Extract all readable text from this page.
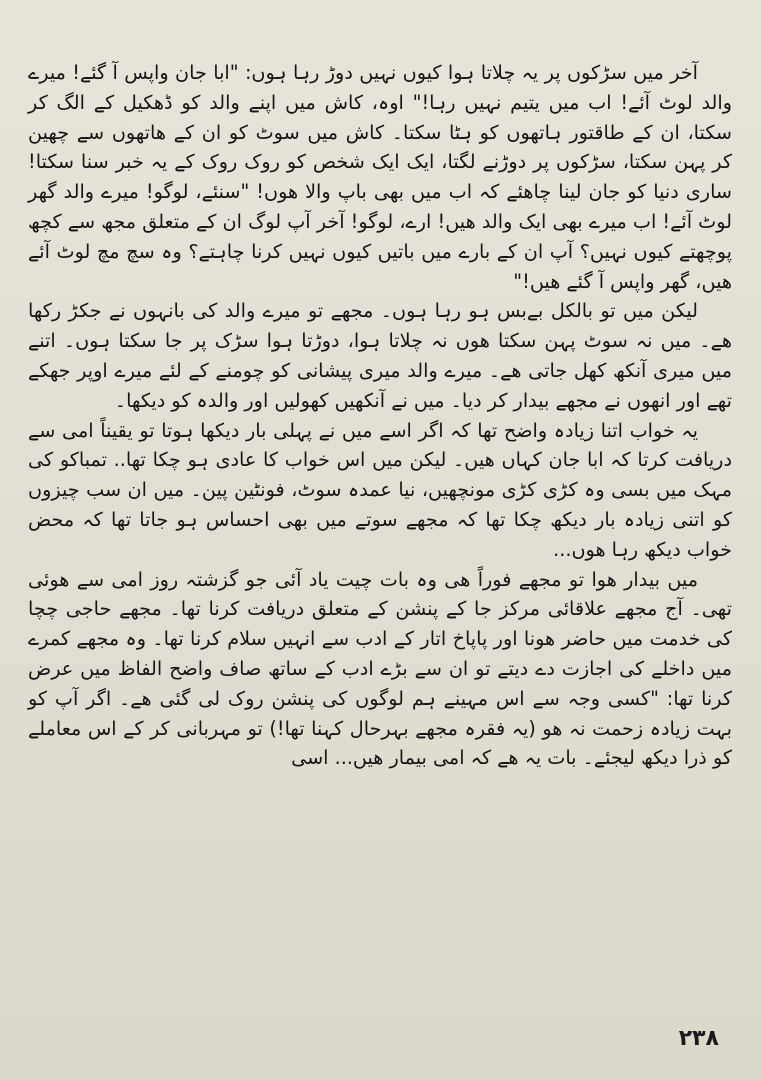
آخر میں سڑکوں پر یہ چلاتا ہوا کیوں نہیں دوڑ رہا ہوں: "ابا جان واپس آ گئے! میرے والد لوٹ آئے! اب میں یتیم نہیں رہا!" اوہ، کاش میں اپنے والد کو ڈھکیل کے الگ کر سکتا، ان کے طاقتور ہاتھوں کو ہٹا سکتا۔ کاش میں سوٹ کو ان کے ھاتھوں سے چھین کر پہن سکتا، سڑکوں پر دوڑنے لگتا، ایک ایک شخص کو روک روک کے یہ خبر سنا سکتا! ساری دنیا کو جان لینا چاھئے کہ اب میں بھی باپ والا ھوں! "سنئے، لوگو! میرے والد گھر لوٹ آئے! اب میرے بھی ایک والد ھیں! ارے، لوگو! آخر آپ لوگ ان کے متعلق مجھ سے کچھ پوچھتے کیوں نہیں؟ آپ ان کے بارے میں باتیں کیوں نہیں کرنا چاہتے؟ وہ سچ مچ لوٹ آئے ھیں، گھر واپس آ گئے ھیں!"

لیکن میں تو بالکل بےبس ہو رہا ہوں۔ مجھے تو میرے والد کی بانہوں نے جکڑ رکھا ھے۔ میں نہ سوٹ پہن سکتا ھوں نہ چلاتا ہوا، دوڑتا ہوا سڑک پر جا سکتا ہوں۔ اتنے میں میری آنکھ کھل جاتی ھے۔ میرے والد میری پیشانی کو چومنے کے لئے میرے اوپر جھکے تھے اور انھوں نے مجھے بیدار کر دیا۔ میں نے آنکھیں کھولیں اور والدہ کو دیکھا۔

یہ خواب اتنا زیادہ واضح تھا کہ اگر اسے میں نے پہلی بار دیکھا ہوتا تو یقیناً امی سے دریافت کرتا کہ ابا جان کہاں ھیں۔ لیکن میں اس خواب کا عادی ہو چکا تھا.. تمباکو کی مہک میں بسی وہ کڑی کڑی مونچھیں، نیا عمدہ سوٹ، فونٹین پین۔ میں ان سب چیزوں کو اتنی زیادہ بار دیکھ چکا تھا کہ مجھے سوتے میں بھی احساس ہو جاتا تھا کہ محض خواب دیکھ رہا ھوں...

میں بیدار ھوا تو مجھے فوراً ھی وہ بات چیت یاد آئی جو گزشتہ روز امی سے ھوئی تھی۔ آج مجھے علاقائی مرکز جا کے پنشن کے متعلق دریافت کرنا تھا۔ مجھے حاجی چچا کی خدمت میں حاضر ھونا اور پاپاخ اتار کے ادب سے انہیں سلام کرنا تھا۔ وہ مجھے کمرے میں داخلے کی اجازت دے دیتے تو ان سے بڑے ادب کے ساتھ صاف واضح الفاظ میں عرض کرنا تھا: "کسی وجہ سے اس مہینے ہم لوگوں کی پنشن روک لی گئی ھے۔ اگر آپ کو بہت زیادہ زحمت نہ ھو (یہ فقرہ مجھے بہرحال کہنا تھا!) تو مہربانی کر کے اس معاملے کو ذرا دیکھ لیجئے۔ بات یہ ھے کہ امی بیمار ھیں... اسی

۲۳۸
